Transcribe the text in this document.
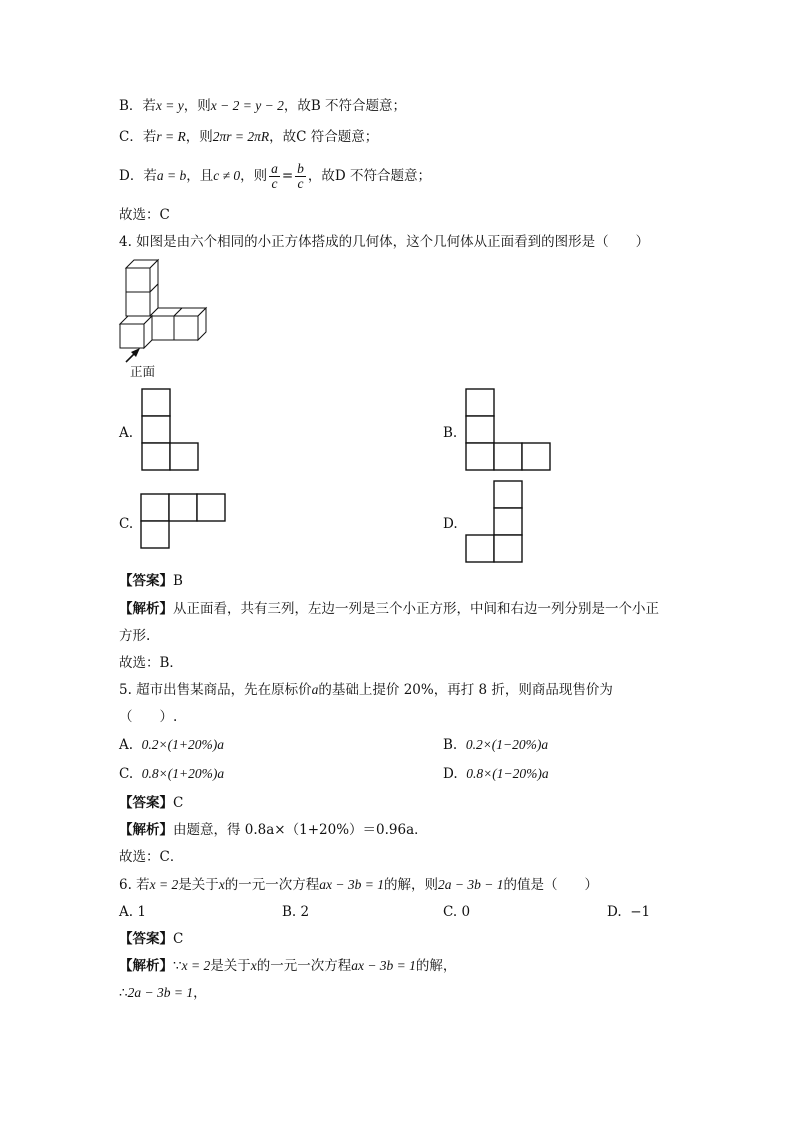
B．若x = y，则x − 2 = y − 2，故B 不符合题意；
C．若r = R，则2πr = 2πR，故C 符合题意；
D．若a = b，且c ≠ 0，则 $\frac{a}{c} = \frac{b}{c}$ ，故D 不符合题意；
故选：C
4. 如图是由六个相同的小正方体搭成的几何体，这个几何体从正面看到的图形是（　　）
正面
A.	B.
C.	D.
【答案】B
【解析】从正面看，共有三列，左边一列是三个小正方形，中间和右边一列分别是一个小正
方形.
故选：B．
5. 超市出售某商品，先在原标价a的基础上提价 20%，再打 8 折，则商品现售价为
（　　）.
A. 0.2×(1+20%)a	B. 0.2×(1−20%)a
C. 0.8×(1+20%)a	D. 0.8×(1−20%)a
【答案】C
【解析】由题意，得 0.8a×（1+20%）＝0.96a．
故选：C．
6. 若x = 2是关于x的一元一次方程ax − 3b = 1的解，则2a − 3b − 1的值是（　　）
A. 1	B. 2	C. 0	D. −1
【答案】C
【解析】∵x = 2是关于x的一元一次方程ax − 3b = 1的解，
∴2a − 3b = 1，
